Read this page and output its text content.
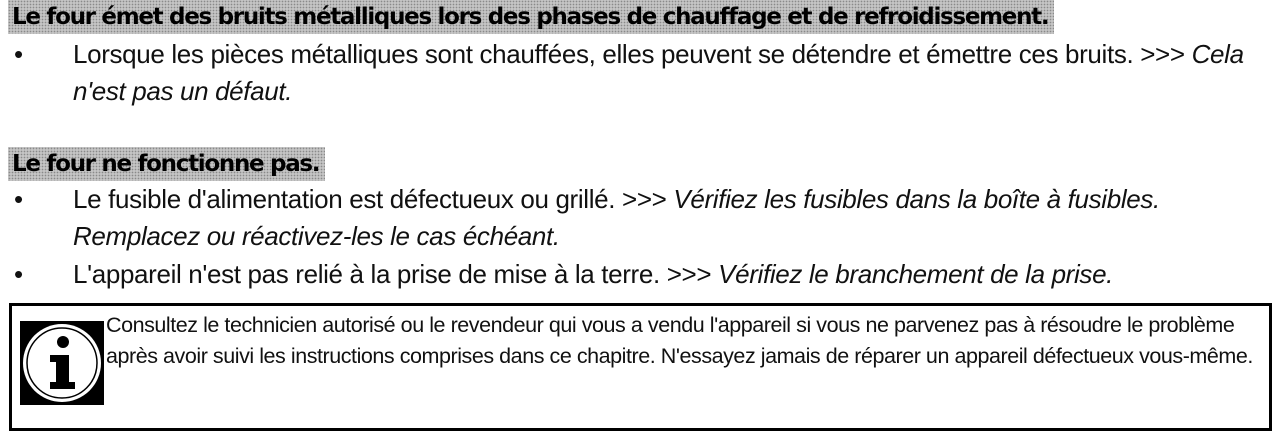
Le four émet des bruits métalliques lors des phases de chauffage et de refroidissement.
•	Lorsque les pièces métalliques sont chauffées, elles peuvent se détendre et émettre ces bruits. >>> Cela n'est pas un défaut.
Le four ne fonctionne pas.
•	Le fusible d'alimentation est défectueux ou grillé. >>> Vérifiez les fusibles dans la boîte à fusibles. Remplacez ou réactivez-les le cas échéant.
•	L'appareil n'est pas relié à la prise de mise à la terre. >>> Vérifiez le branchement de la prise.
Consultez le technicien autorisé ou le revendeur qui vous a vendu l'appareil si vous ne parvenez pas à résoudre le problème après avoir suivi les instructions comprises dans ce chapitre. N'essayez jamais de réparer un appareil défectueux vous-même.
